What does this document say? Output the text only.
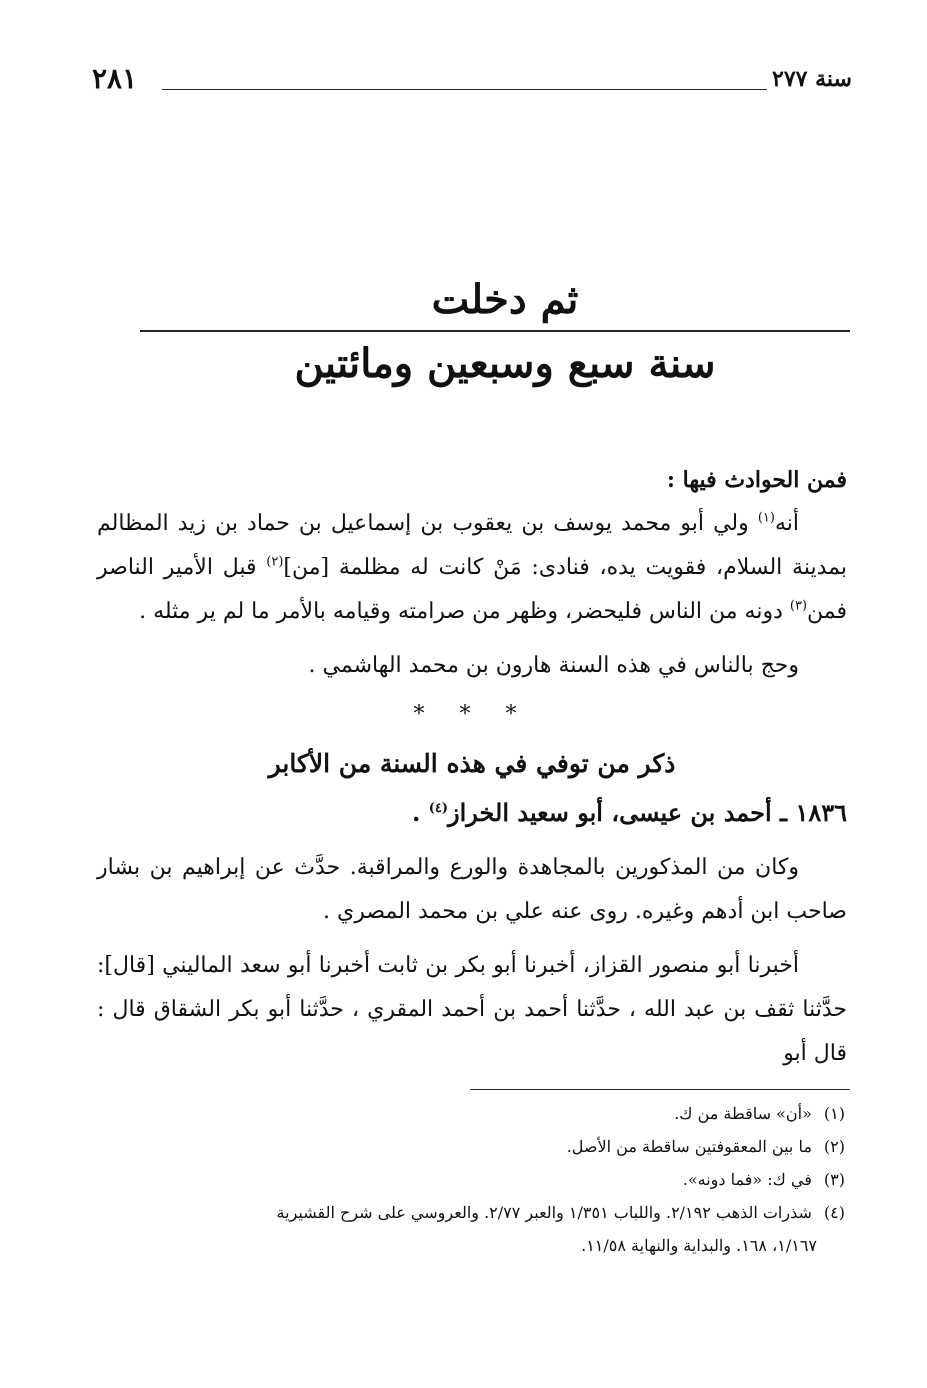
سنة ٢٧٧
٢٨١

ثم دخلت

سنة سبع وسبعين ومائتين

فمن الحوادث فيها :

أنه$^{(١)}$ ولي أبو محمد يوسف بن يعقوب بن إسماعيل بن حماد بن زيد المظالم بمدينة السلام، فقويت يده، فنادى: مَنْ كانت له مظلمة [من]$^{(٢)}$ قبل الأمير الناصر فمن$^{(٣)}$ دونه من الناس فليحضر، وظهر من صرامته وقيامه بالأمر ما لم ير مثله .

وحج بالناس في هذه السنة هارون بن محمد الهاشمي .

* * *

ذكر من توفي في هذه السنة من الأكابر

١٨٣٦ ـ أحمد بن عيسى، أبو سعيد الخراز$^{(٤)}$ .

وكان من المذكورين بالمجاهدة والورع والمراقبة. حدَّث عن إبراهيم بن بشار صاحب ابن أدهم وغيره. روى عنه علي بن محمد المصري .

أخبرنا أبو منصور القزاز، أخبرنا أبو بكر بن ثابت أخبرنا أبو سعد الماليني [قال]: حدَّثنا ثقف بن عبد الله ، حدَّثنا أحمد بن أحمد المقري ، حدَّثنا أبو بكر الشقاق قال : قال أبو

(١) «أن» ساقطة من ك.

(٢) ما بين المعقوفتين ساقطة من الأصل.

(٣) في ك: «فما دونه».

(٤) شذرات الذهب ٢/١٩٢. واللباب ١/٣٥١ والعبر ٢/٧٧. والعروسي على شرح القشيرية

١/١٦٧، ١٦٨. والبداية والنهاية ١١/٥٨.
